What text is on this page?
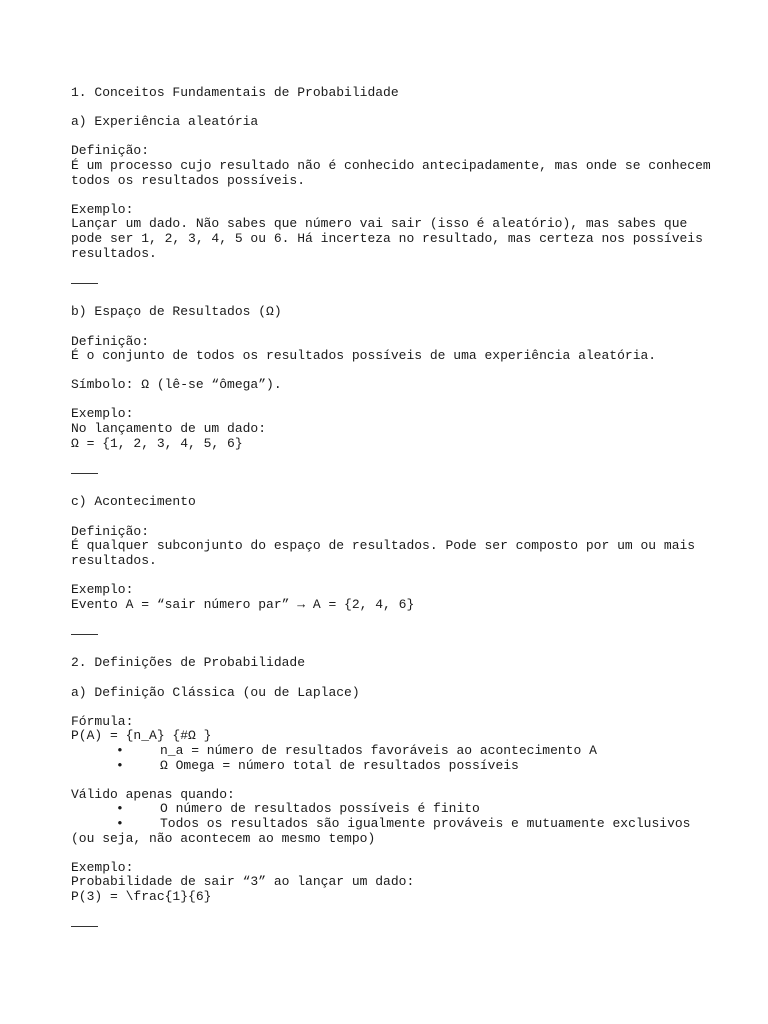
1. Conceitos Fundamentais de Probabilidade
a) Experiência aleatória
Definição:
É um processo cujo resultado não é conhecido antecipadamente, mas onde se conhecem
todos os resultados possíveis.
Exemplo:
Lançar um dado. Não sabes que número vai sair (isso é aleatório), mas sabes que
pode ser 1, 2, 3, 4, 5 ou 6. Há incerteza no resultado, mas certeza nos possíveis
resultados.
b) Espaço de Resultados (Ω)
Definição:
É o conjunto de todos os resultados possíveis de uma experiência aleatória.
Símbolo: Ω (lê-se “ômega”).
Exemplo:
No lançamento de um dado:
Ω = {1, 2, 3, 4, 5, 6}
c) Acontecimento
Definição:
É qualquer subconjunto do espaço de resultados. Pode ser composto por um ou mais
resultados.
Exemplo:
Evento A = “sair número par” → A = {2, 4, 6}
2. Definições de Probabilidade
a) Definição Clássica (ou de Laplace)
Fórmula:
P(A) = {n_A} {#Ω }

•

	n_a = número de resultados favoráveis ao acontecimento A

•

	Ω Omega = número total de resultados possíveis

Válido apenas quando:

•

	O número de resultados possíveis é finito

•

	Todos os resultados são igualmente prováveis e mutuamente exclusivos

(ou seja, não acontecem ao mesmo tempo)
Exemplo:
Probabilidade de sair “3” ao lançar um dado:
P(3) = \frac{1}{6}
